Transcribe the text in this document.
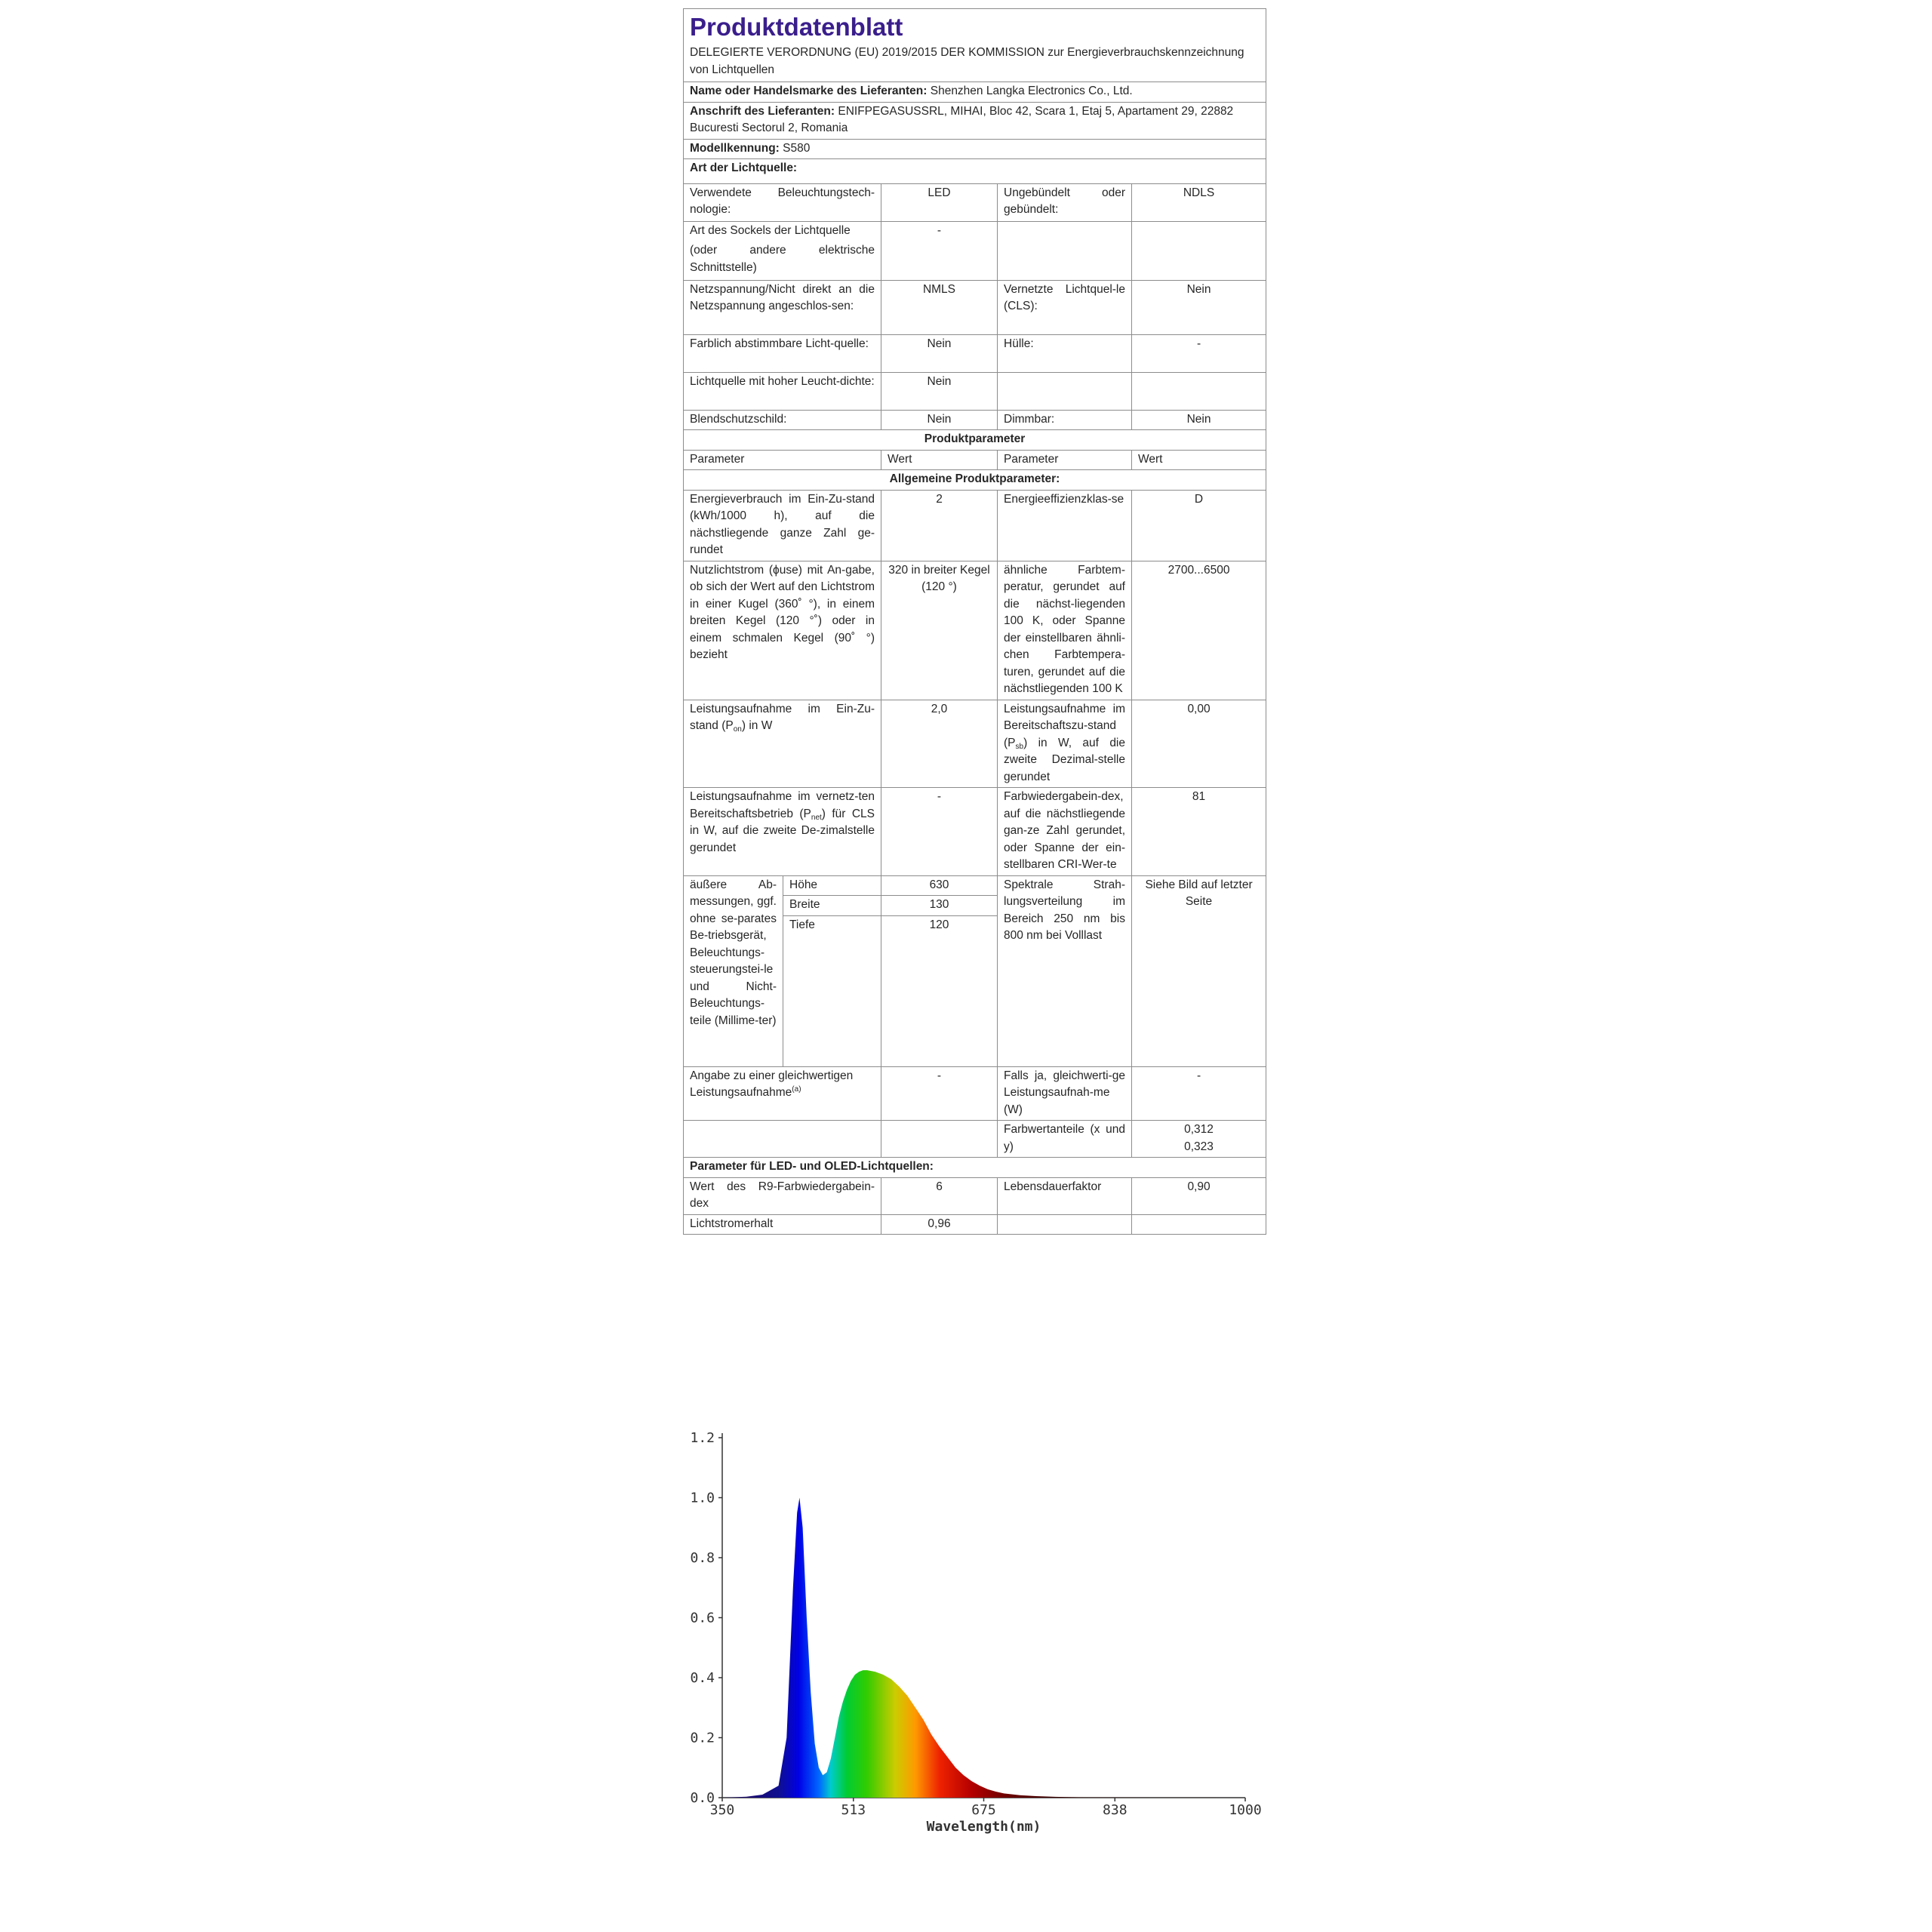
Produktdatenblatt
DELEGIERTE VERORDNUNG (EU) 2019/2015 DER KOMMISSION zur Energieverbrauchskennzeichnung von Lichtquellen				

Name oder Handelsmarke des Lieferanten: Shenzhen Langka Electronics Co., Ltd.				
Anschrift des Lieferanten: ENIFPEGASUSSRL, MIHAI, Bloc 42, Scara 1, Etaj 5, Apartament 29, 22882 Bucuresti Sectorul 2, Romania				
Modellkennung: S580				
Art der Lichtquelle:				
Verwendete Beleuchtungstech-nologie:		LED	Ungebündelt oder gebündelt:	NDLS

Art des Sockels der Lichtquelle
(oder andere elektrische Schnittstelle)		-		
Netzspannung/Nicht direkt an die Netzspannung angeschlos-sen:		NMLS	Vernetzte Lichtquel-le (CLS):	Nein
Farblich abstimmbare Licht-quelle:		Nein	Hülle:	-
Lichtquelle mit hoher Leucht-dichte:		Nein		
Blendschutzschild:		Nein	Dimmbar:	Nein
Produktparameter				
Parameter		Wert	Parameter	Wert
Allgemeine Produktparameter:				
Energieverbrauch im Ein-Zu-stand (kWh/1000 h), auf die nächstliegende ganze Zahl ge-rundet		2	Energieeffizienzklas-se	D
Nutzlichtstrom (ϕuse) mit An-gabe, ob sich der Wert auf den Lichtstrom in einer Kugel (360˚ °), in einem breiten Kegel (120 °˚) oder in einem schmalen Kegel (90˚ °) bezieht		320 in breiter Kegel (120 °)	ähnliche Farbtem-peratur, gerundet auf die nächst-liegenden 100 K, oder Spanne der einstellbaren ähnli-chen Farbtempera-turen, gerundet auf die nächstliegenden 100 K	2700...6500
Leistungsaufnahme im Ein-Zu-stand $(P_{on})$ in W		2,0	Leistungsaufnahme im Bereitschaftszu-stand $(P_{sb})$ in W, auf die zweite Dezimal-stelle gerundet	0,00
Leistungsaufnahme im vernetz-ten Bereitschaftsbetrieb $(P_{net})$ für CLS in W, auf die zweite De-zimalstelle gerundet		-	Farbwiedergabein-dex, auf die nächstliegende gan-ze Zahl gerundet, oder Spanne der ein-stellbaren CRI-Wer-te	81
äußere Ab-messungen, ggf. ohne se-parates Be-triebsgerät, Beleuchtungs-steuerungstei-le und Nicht-Beleuchtungs-teile (Millime-ter)	Höhe	630	Spektrale Strah-lungsverteilung im Bereich 250 nm bis 800 nm bei Volllast	Siehe Bild auf letzter Seite
	Breite	130		
	Tiefe	120		
Angabe zu einer gleichwertigen Leistungsaufnahme$^{(a)}$		-	Falls ja, gleichwerti-ge Leistungsaufnah-me (W)	-
			Farbwertanteile (x und y)	0,312
0,323

Parameter für LED- und OLED-Lichtquellen:				
Wert des R9-Farbwiedergabein-dex		6	Lebensdauerfaktor	0,90
Lichtstromerhalt		0,96		
0.0
0.2
0.4
0.6
0.8
1.0
1.2
350	513	675	838	1000
Wavelength(nm)
